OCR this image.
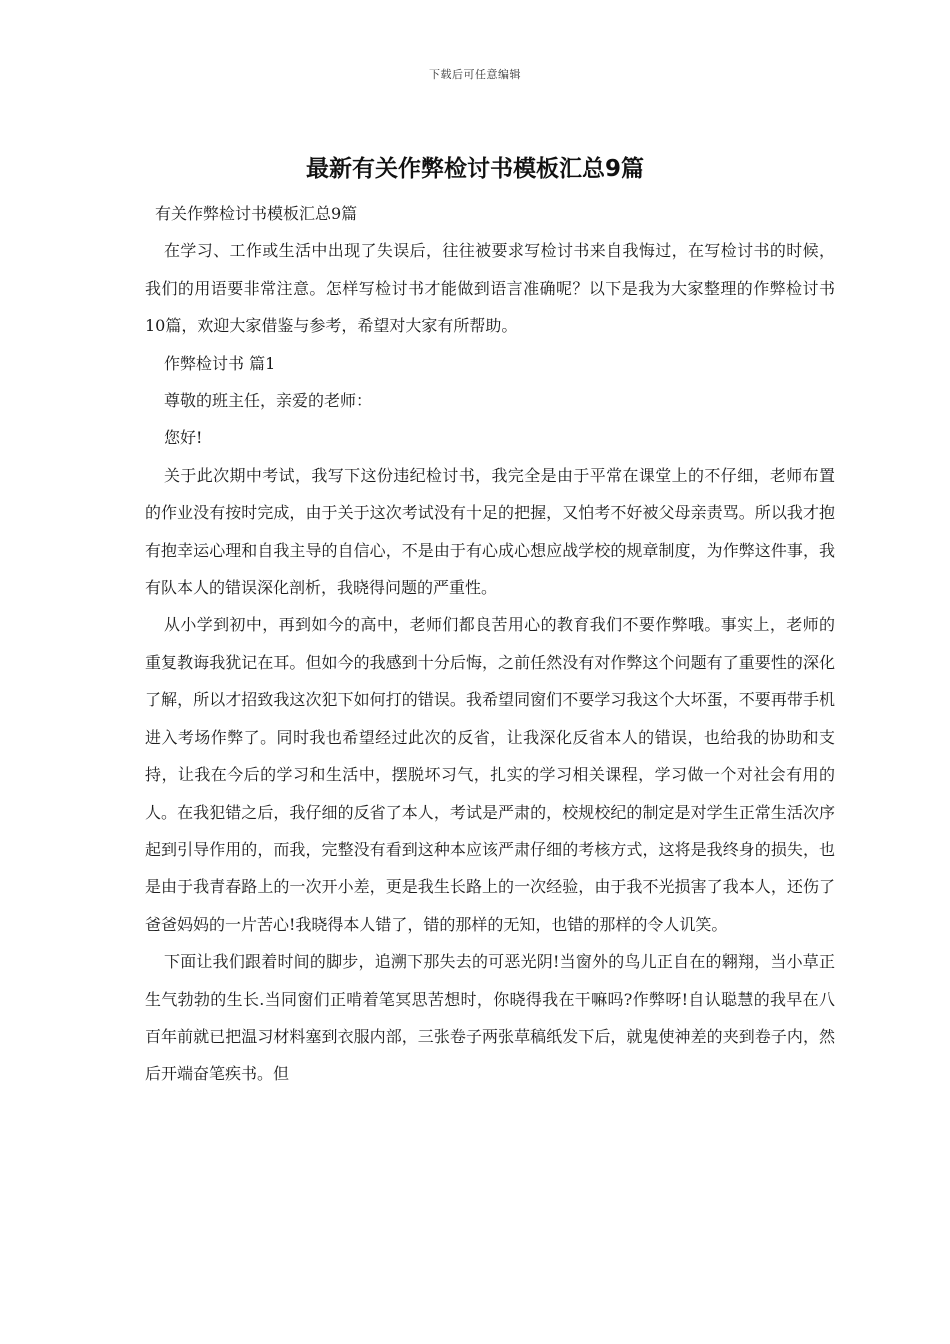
下载后可任意编辑
最新有关作弊检讨书模板汇总9篇

有关作弊检讨书模板汇总9篇

在学习、工作或生活中出现了失误后，往往被要求写检讨书来自我悔过，在写检讨书的时候，我们的用语要非常注意。怎样写检讨书才能做到语言准确呢？以下是我为大家整理的作弊检讨书10篇，欢迎大家借鉴与参考，希望对大家有所帮助。

作弊检讨书 篇1

尊敬的班主任，亲爱的老师：

您好!

关于此次期中考试，我写下这份违纪检讨书，我完全是由于平常在课堂上的不仔细，老师布置的作业没有按时完成，由于关于这次考试没有十足的把握，又怕考不好被父母亲责骂。所以我才抱有抱幸运心理和自我主导的自信心，不是由于有心成心想应战学校的规章制度，为作弊这件事，我有队本人的错误深化剖析，我晓得问题的严重性。

从小学到初中，再到如今的高中，老师们都良苦用心的教育我们不要作弊哦。事实上，老师的重复教诲我犹记在耳。但如今的我感到十分后悔，之前任然没有对作弊这个问题有了重要性的深化了解，所以才招致我这次犯下如何打的错误。我希望同窗们不要学习我这个大坏蛋，不要再带手机进入考场作弊了。同时我也希望经过此次的反省，让我深化反省本人的错误，也给我的协助和支持，让我在今后的学习和生活中，摆脱坏习气，扎实的学习相关课程，学习做一个对社会有用的人。在我犯错之后，我仔细的反省了本人，考试是严肃的，校规校纪的制定是对学生正常生活次序起到引导作用的，而我，完整没有看到这种本应该严肃仔细的考核方式，这将是我终身的损失，也是由于我青春路上的一次开小差，更是我生长路上的一次经验，由于我不光损害了我本人，还伤了爸爸妈妈的一片苦心!我晓得本人错了，错的那样的无知，也错的那样的令人讥笑。

下面让我们跟着时间的脚步，追溯下那失去的可恶光阴!当窗外的鸟儿正自在的翱翔，当小草正生气勃勃的生长.当同窗们正啃着笔冥思苦想时，你晓得我在干嘛吗?作弊呀!自认聪慧的我早在八百年前就已把温习材料塞到衣服内部，三张卷子两张草稿纸发下后，就鬼使神差的夹到卷子内，然后开端奋笔疾书。但
